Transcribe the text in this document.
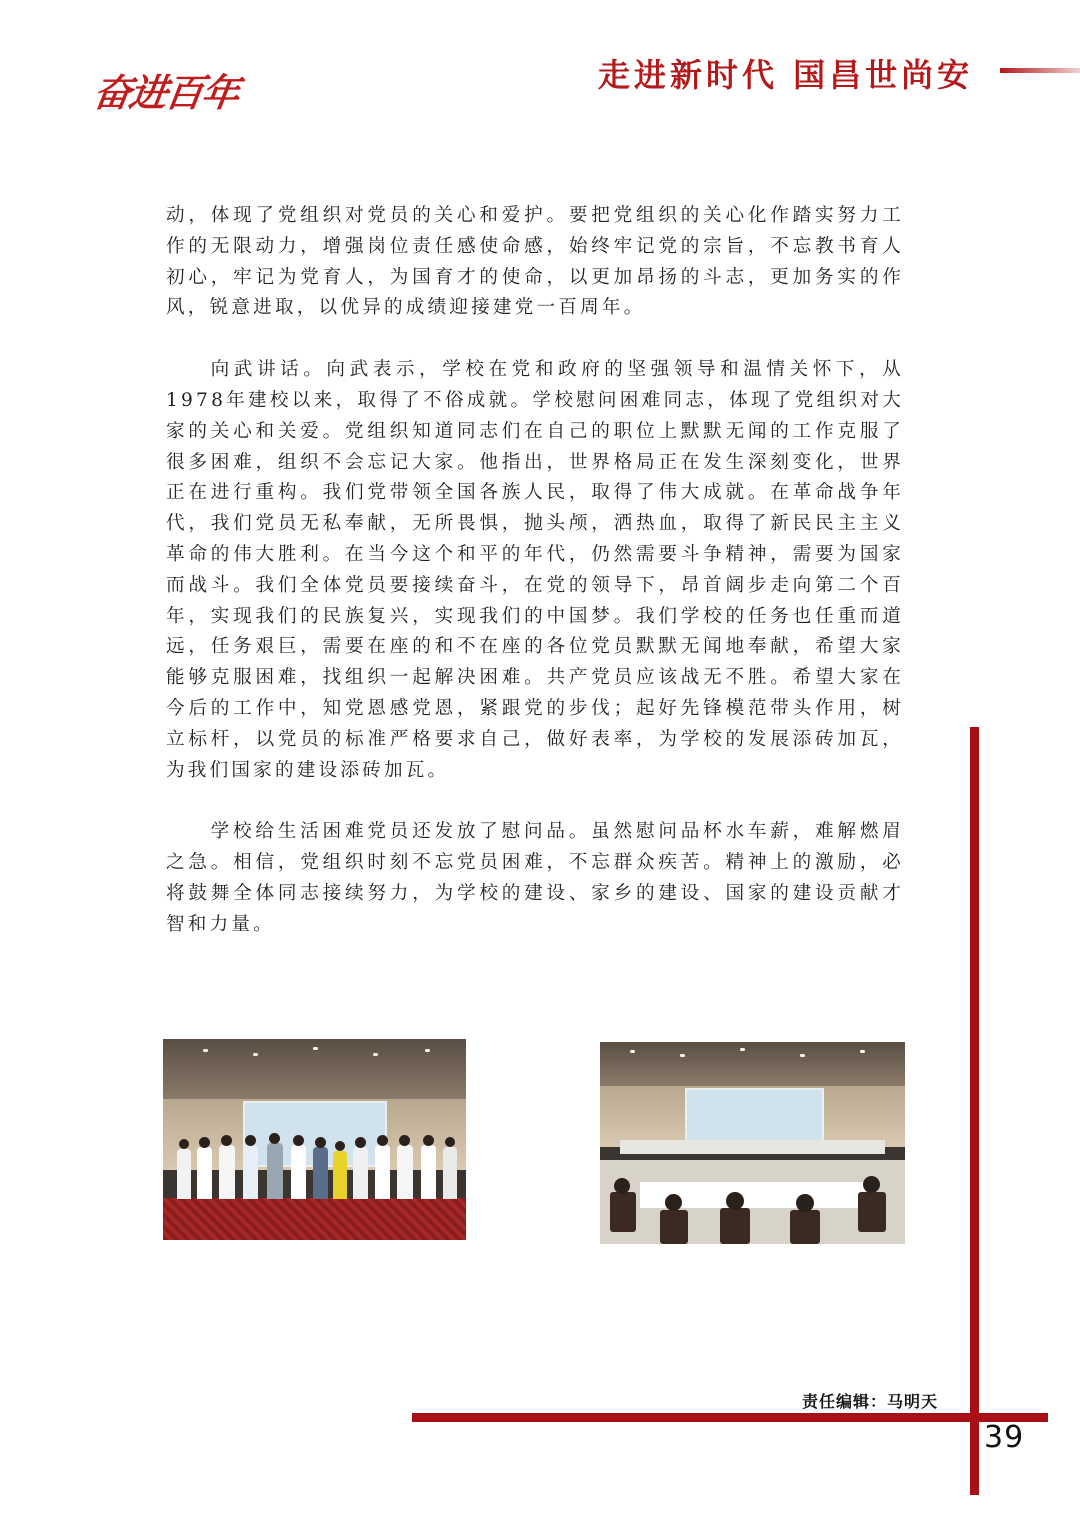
奋进百年	走进新时代 国昌世尚安

动，体现了党组织对党员的关心和爱护。要把党组织的关心化作踏实努力工作的无限动力，增强岗位责任感使命感，始终牢记党的宗旨，不忘教书育人初心，牢记为党育人，为国育才的使命，以更加昂扬的斗志，更加务实的作风，锐意进取，以优异的成绩迎接建党一百周年。

向武讲话。向武表示，学校在党和政府的坚强领导和温情关怀下，从1978年建校以来，取得了不俗成就。学校慰问困难同志，体现了党组织对大家的关心和关爱。党组织知道同志们在自己的职位上默默无闻的工作克服了很多困难，组织不会忘记大家。他指出，世界格局正在发生深刻变化，世界正在进行重构。我们党带领全国各族人民，取得了伟大成就。在革命战争年代，我们党员无私奉献，无所畏惧，抛头颅，洒热血，取得了新民民主主义革命的伟大胜利。在当今这个和平的年代，仍然需要斗争精神，需要为国家而战斗。我们全体党员要接续奋斗，在党的领导下，昂首阔步走向第二个百年，实现我们的民族复兴，实现我们的中国梦。我们学校的任务也任重而道远，任务艰巨，需要在座的和不在座的各位党员默默无闻地奉献，希望大家能够克服困难，找组织一起解决困难。共产党员应该战无不胜。希望大家在今后的工作中，知党恩感党恩，紧跟党的步伐；起好先锋模范带头作用，树立标杆，以党员的标准严格要求自己，做好表率，为学校的发展添砖加瓦，为我们国家的建设添砖加瓦。

学校给生活困难党员还发放了慰问品。虽然慰问品杯水车薪，难解燃眉之急。相信，党组织时刻不忘党员困难，不忘群众疾苦。精神上的激励，必将鼓舞全体同志接续努力，为学校的建设、家乡的建设、国家的建设贡献才智和力量。

责任编辑：马明天
39
